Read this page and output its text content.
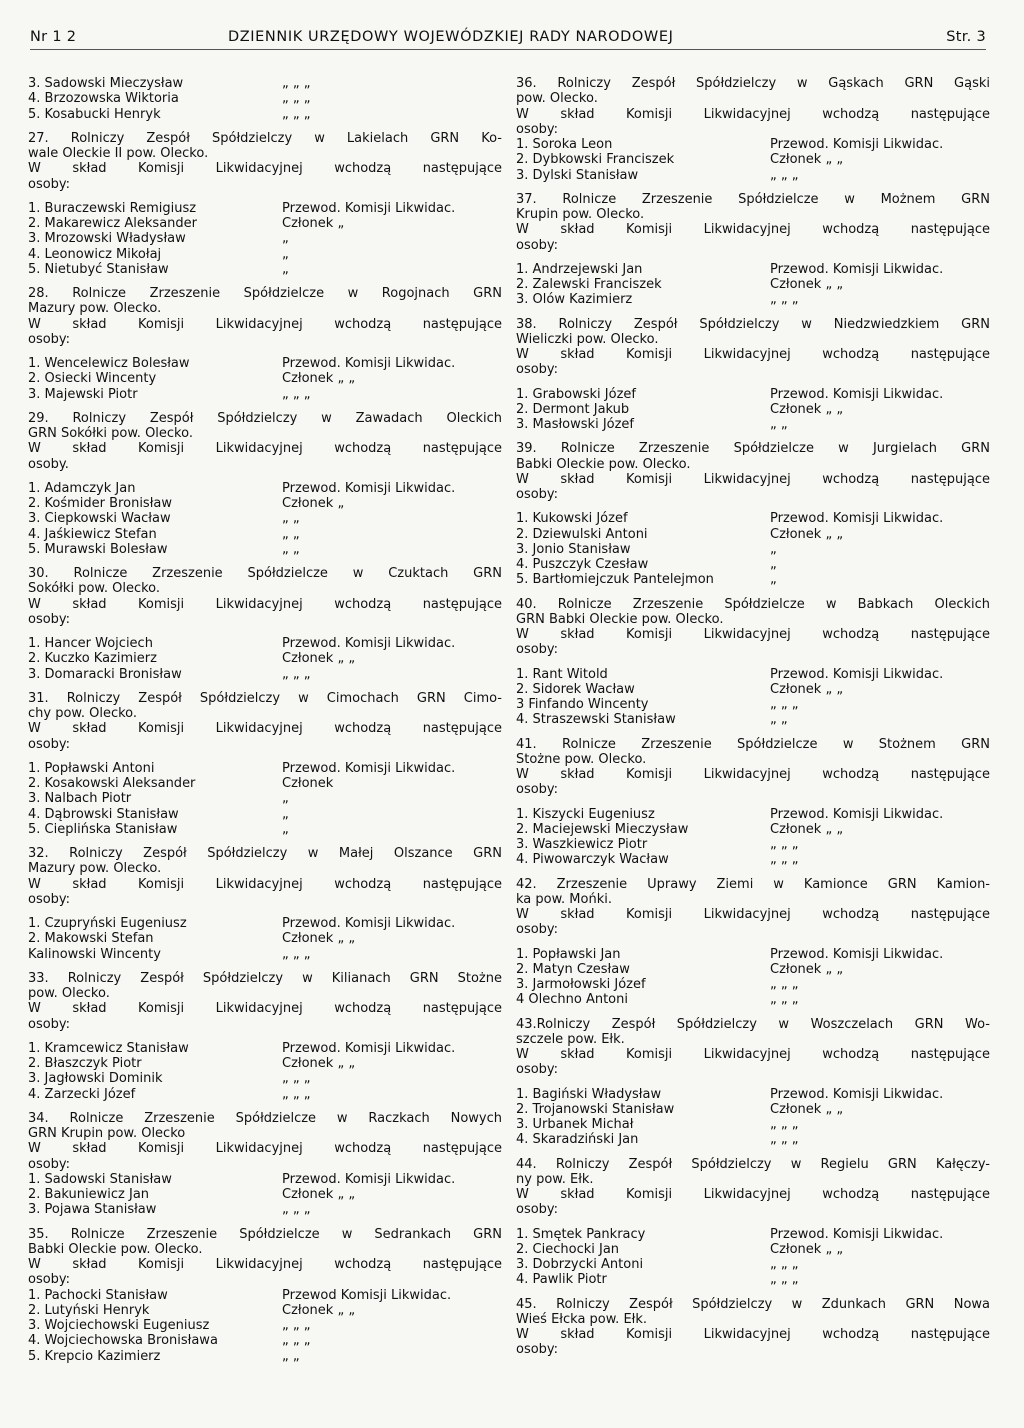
Nr 1 2	DZIENNIK URZĘDOWY WOJEWÓDZKIEJ RADY NARODOWEJ	Str. 3
3. Sadowski Mieczysław	„ „ „
4. Brzozowska Wiktoria	„ „ „
5. Kosabucki Henryk	„ „ „

27. Rolniczy Zespół Spółdzielczy w Lakielach GRN Ko-

wale Oleckie II pow. Olecko.

W skład Komisji Likwidacyjnej wchodzą następujące

osoby:

1. Buraczewski Remigiusz	Przewod. Komisji Likwidac.
2. Makarewicz Aleksander	Członek „
3. Mrozowski Władysław	„
4. Leonowicz Mikołaj	„
5. Nietubyć Stanisław	„

28. Rolnicze Zrzeszenie Spółdzielcze w Rogojnach GRN

Mazury pow. Olecko.

W skład Komisji Likwidacyjnej wchodzą następujące

osoby:

1. Wencelewicz Bolesław	Przewod. Komisji Likwidac.
2. Osiecki Wincenty	Członek „ „
3. Majewski Piotr	„ „ „

29. Rolniczy Zespół Spółdzielczy w Zawadach Oleckich

GRN Sokółki pow. Olecko.

W skład Komisji Likwidacyjnej wchodzą następujące

osoby.

1. Adamczyk Jan	Przewod. Komisji Likwidac.
2. Kośmider Bronisław	Członek „
3. Ciepkowski Wacław	„ „
4. Jaśkiewicz Stefan	„ „
5. Murawski Bolesław	„ „

30. Rolnicze Zrzeszenie Spółdzielcze w Czuktach GRN

Sokółki pow. Olecko.

W skład Komisji Likwidacyjnej wchodzą następujące

osoby:

1. Hancer Wojciech	Przewod. Komisji Likwidac.
2. Kuczko Kazimierz	Członek „ „
3. Domaracki Bronisław	„ „ „

31. Rolniczy Zespół Spółdzielczy w Cimochach GRN Cimo-

chy pow. Olecko.

W skład Komisji Likwidacyjnej wchodzą następujące

osoby:

1. Popławski Antoni	Przewod. Komisji Likwidac.
2. Kosakowski Aleksander	Członek
3. Nalbach Piotr	„
4. Dąbrowski Stanisław	„
5. Cieplińska Stanisław	„

32. Rolniczy Zespół Spółdzielczy w Małej Olszance GRN

Mazury pow. Olecko.

W skład Komisji Likwidacyjnej wchodzą następujące

osoby:

1. Czupryński Eugeniusz	Przewod. Komisji Likwidac.
2. Makowski Stefan	Członek „ „
Kalinowski Wincenty	„ „ „

33. Rolniczy Zespół Spółdzielczy w Kilianach GRN Stożne

pow. Olecko.

W skład Komisji Likwidacyjnej wchodzą następujące

osoby:

1. Kramcewicz Stanisław	Przewod. Komisji Likwidac.
2. Błaszczyk Piotr	Członek „ „
3. Jagłowski Dominik	„ „ „
4. Zarzecki Józef	„ „ „

34. Rolnicze Zrzeszenie Spółdzielcze w Raczkach Nowych

GRN Krupin pow. Olecko

W skład Komisji Likwidacyjnej wchodzą następujące

osoby:

1. Sadowski Stanisław	Przewod. Komisji Likwidac.
2. Bakuniewicz Jan	Członek „ „
3. Pojawa Stanisław	„ „ „

35. Rolnicze Zrzeszenie Spółdzielcze w Sedrankach GRN

Babki Oleckie pow. Olecko.

W skład Komisji Likwidacyjnej wchodzą następujące

osoby:

1. Pachocki Stanisław	Przewod Komisji Likwidac.
2. Lutyński Henryk	Członek „ „
3. Wojciechowski Eugeniusz	„ „ „
4. Wojciechowska Bronisława	„ „ „
5. Krepcio Kazimierz	„ „

36. Rolniczy Zespół Spółdzielczy w Gąskach GRN Gąski

pow. Olecko.

W skład Komisji Likwidacyjnej wchodzą następujące

osoby:

1. Soroka Leon	Przewod. Komisji Likwidac.
2. Dybkowski Franciszek	Członek „ „
3. Dylski Stanisław	„ „ „

37. Rolnicze Zrzeszenie Spółdzielcze w Możnem GRN

Krupin pow. Olecko.

W skład Komisji Likwidacyjnej wchodzą następujące

osoby:

1. Andrzejewski Jan	Przewod. Komisji Likwidac.
2. Zalewski Franciszek	Członek „ „
3. Olów Kazimierz	„ „ „

38. Rolniczy Zespół Spółdzielczy w Niedzwiedzkiem GRN

Wieliczki pow. Olecko.

W skład Komisji Likwidacyjnej wchodzą następujące

osoby:

1. Grabowski Józef	Przewod. Komisji Likwidac.
2. Dermont Jakub	Członek „ „
3. Masłowski Józef	„ „

39. Rolnicze Zrzeszenie Spółdzielcze w Jurgielach GRN

Babki Oleckie pow. Olecko.

W skład Komisji Likwidacyjnej wchodzą następujące

osoby:

1. Kukowski Józef	Przewod. Komisji Likwidac.
2. Dziewulski Antoni	Członek „ „
3. Jonio Stanisław	„
4. Puszczyk Czesław	„
5. Bartłomiejczuk Pantelejmon	„

40. Rolnicze Zrzeszenie Spółdzielcze w Babkach Oleckich

GRN Babki Oleckie pow. Olecko.

W skład Komisji Likwidacyjnej wchodzą następujące

osoby:

1. Rant Witold	Przewod. Komisji Likwidac.
2. Sidorek Wacław	Członek „ „
3 Finfando Wincenty	„ „ „
4. Straszewski Stanisław	„ „

41. Rolnicze Zrzeszenie Spółdzielcze w Stożnem GRN

Stożne pow. Olecko.

W skład Komisji Likwidacyjnej wchodzą następujące

osoby:

1. Kiszycki Eugeniusz	Przewod. Komisji Likwidac.
2. Maciejewski Mieczysław	Członek „ „
3. Waszkiewicz Piotr	„ „ „
4. Piwowarczyk Wacław	„ „ „

42. Zrzeszenie Uprawy Ziemi w Kamionce GRN Kamion-

ka pow. Mońki.

W skład Komisji Likwidacyjnej wchodzą następujące

osoby:

1. Popławski Jan	Przewod. Komisji Likwidac.
2. Matyn Czesław	Członek „ „
3. Jarmołowski Józef	„ „ „
4 Olechno Antoni	„ „ „

43.Rolniczy Zespół Spółdzielczy w Woszczelach GRN Wo-

szczele pow. Ełk.

W skład Komisji Likwidacyjnej wchodzą następujące

osoby:

1. Bagiński Władysław	Przewod. Komisji Likwidac.
2. Trojanowski Stanisław	Członek „ „
3. Urbanek Michał	„ „ „
4. Skaradziński Jan	„ „ „

44. Rolniczy Zespół Spółdzielczy w Regielu GRN Kałęczy-

ny pow. Ełk.

W skład Komisji Likwidacyjnej wchodzą następujące

osoby:

1. Smętek Pankracy	Przewod. Komisji Likwidac.
2. Ciechocki Jan	Członek „ „
3. Dobrzycki Antoni	„ „ „
4. Pawlik Piotr	„ „ „

45. Rolniczy Zespół Spółdzielczy w Zdunkach GRN Nowa

Wieś Ełcka pow. Ełk.

W skład Komisji Likwidacyjnej wchodzą następujące

osoby:
